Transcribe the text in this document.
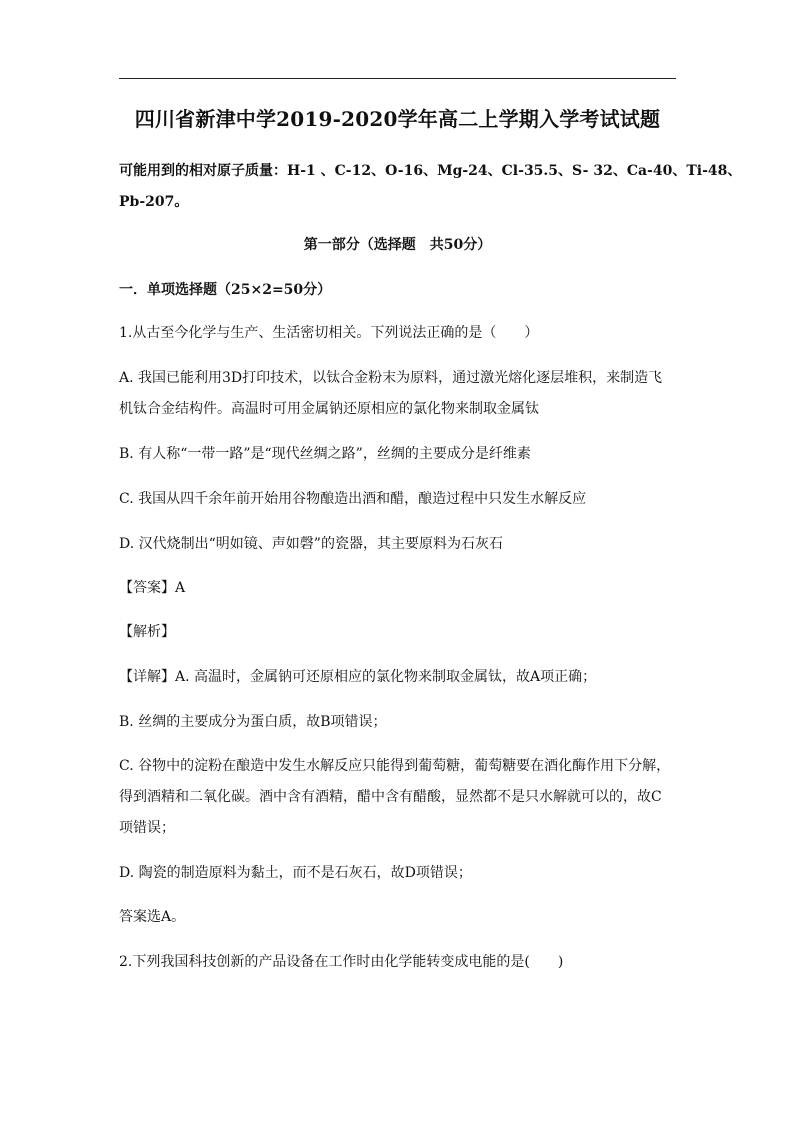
四川省新津中学2019-2020学年高二上学期入学考试试题
可能用到的相对原子质量：H-1 、C-12、O-16、Mg-24、Cl-35.5、S- 32、Ca-40、Ti-48、
Pb-207。
第一部分（选择题　共50分）
一．单项选择题（25×2=50分）
1.从古至今化学与生产、生活密切相关。下列说法正确的是（　　）
A. 我国已能利用3D打印技术，以钛合金粉末为原料，通过激光熔化逐层堆积，来制造飞
机钛合金结构件。高温时可用金属钠还原相应的氯化物来制取金属钛
B. 有人称“一带一路”是“现代丝绸之路”，丝绸的主要成分是纤维素
C. 我国从四千余年前开始用谷物酿造出酒和醋，酿造过程中只发生水解反应
D. 汉代烧制出“明如镜、声如磬”的瓷器，其主要原料为石灰石
【答案】A
【解析】
【详解】A. 高温时，金属钠可还原相应的氯化物来制取金属钛，故A项正确；
B. 丝绸的主要成分为蛋白质，故B项错误；
C. 谷物中的淀粉在酿造中发生水解反应只能得到葡萄糖，葡萄糖要在酒化酶作用下分解，
得到酒精和二氧化碳。酒中含有酒精，醋中含有醋酸，显然都不是只水解就可以的，故C
项错误；
D. 陶瓷的制造原料为黏土，而不是石灰石，故D项错误；
答案选A。
2.下列我国科技创新的产品设备在工作时由化学能转变成电能的是(　　)
